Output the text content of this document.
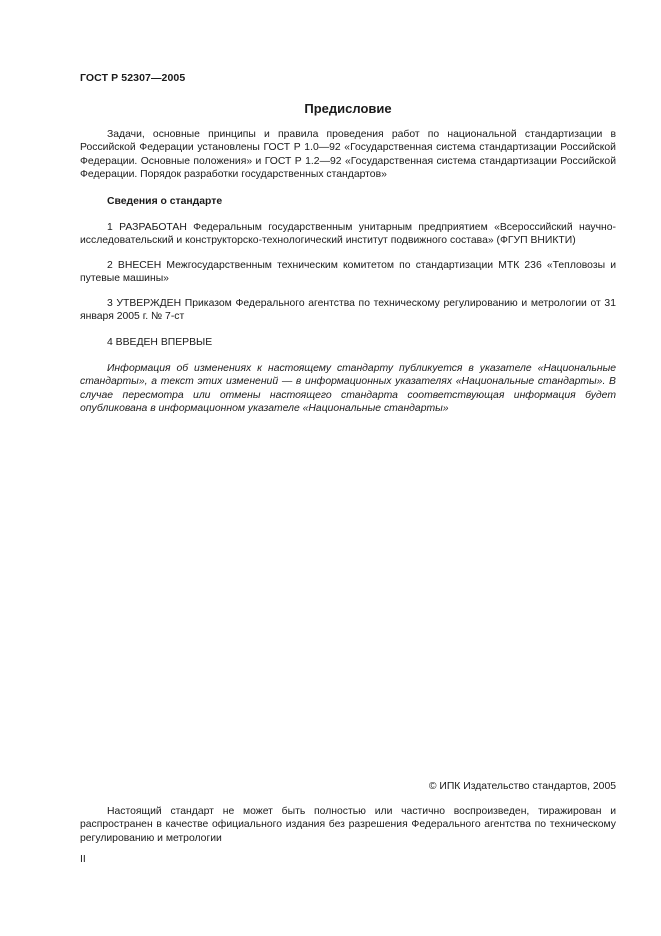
ГОСТ Р 52307—2005
Предисловие

Задачи, основные принципы и правила проведения работ по национальной стандартизации в Российской Федерации установлены ГОСТ Р 1.0—92 «Государственная система стандартизации Российской Федерации. Основные положения» и ГОСТ Р 1.2—92 «Государственная система стандартизации Российской Федерации. Порядок разработки государственных стандартов»

Сведения о стандарте

1 РАЗРАБОТАН Федеральным государственным унитарным предприятием «Всероссийский научно-исследовательский и конструкторско-технологический институт подвижного состава» (ФГУП ВНИКТИ)

2 ВНЕСЕН Межгосударственным техническим комитетом по стандартизации МТК 236 «Тепловозы и путевые машины»

3 УТВЕРЖДЕН Приказом Федерального агентства по техническому регулированию и метрологии от 31 января 2005 г. № 7-ст

4 ВВЕДЕН ВПЕРВЫЕ

Информация об изменениях к настоящему стандарту публикуется в указателе «Национальные стандарты», а текст этих изменений — в информационных указателях «Национальные стандарты». В случае пересмотра или отмены настоящего стандарта соответствующая информация будет опубликована в информационном указателе «Национальные стандарты»

© ИПК Издательство стандартов, 2005

Настоящий стандарт не может быть полностью или частично воспроизведен, тиражирован и распространен в качестве официального издания без разрешения Федерального агентства по техническому регулированию и метрологии

II
